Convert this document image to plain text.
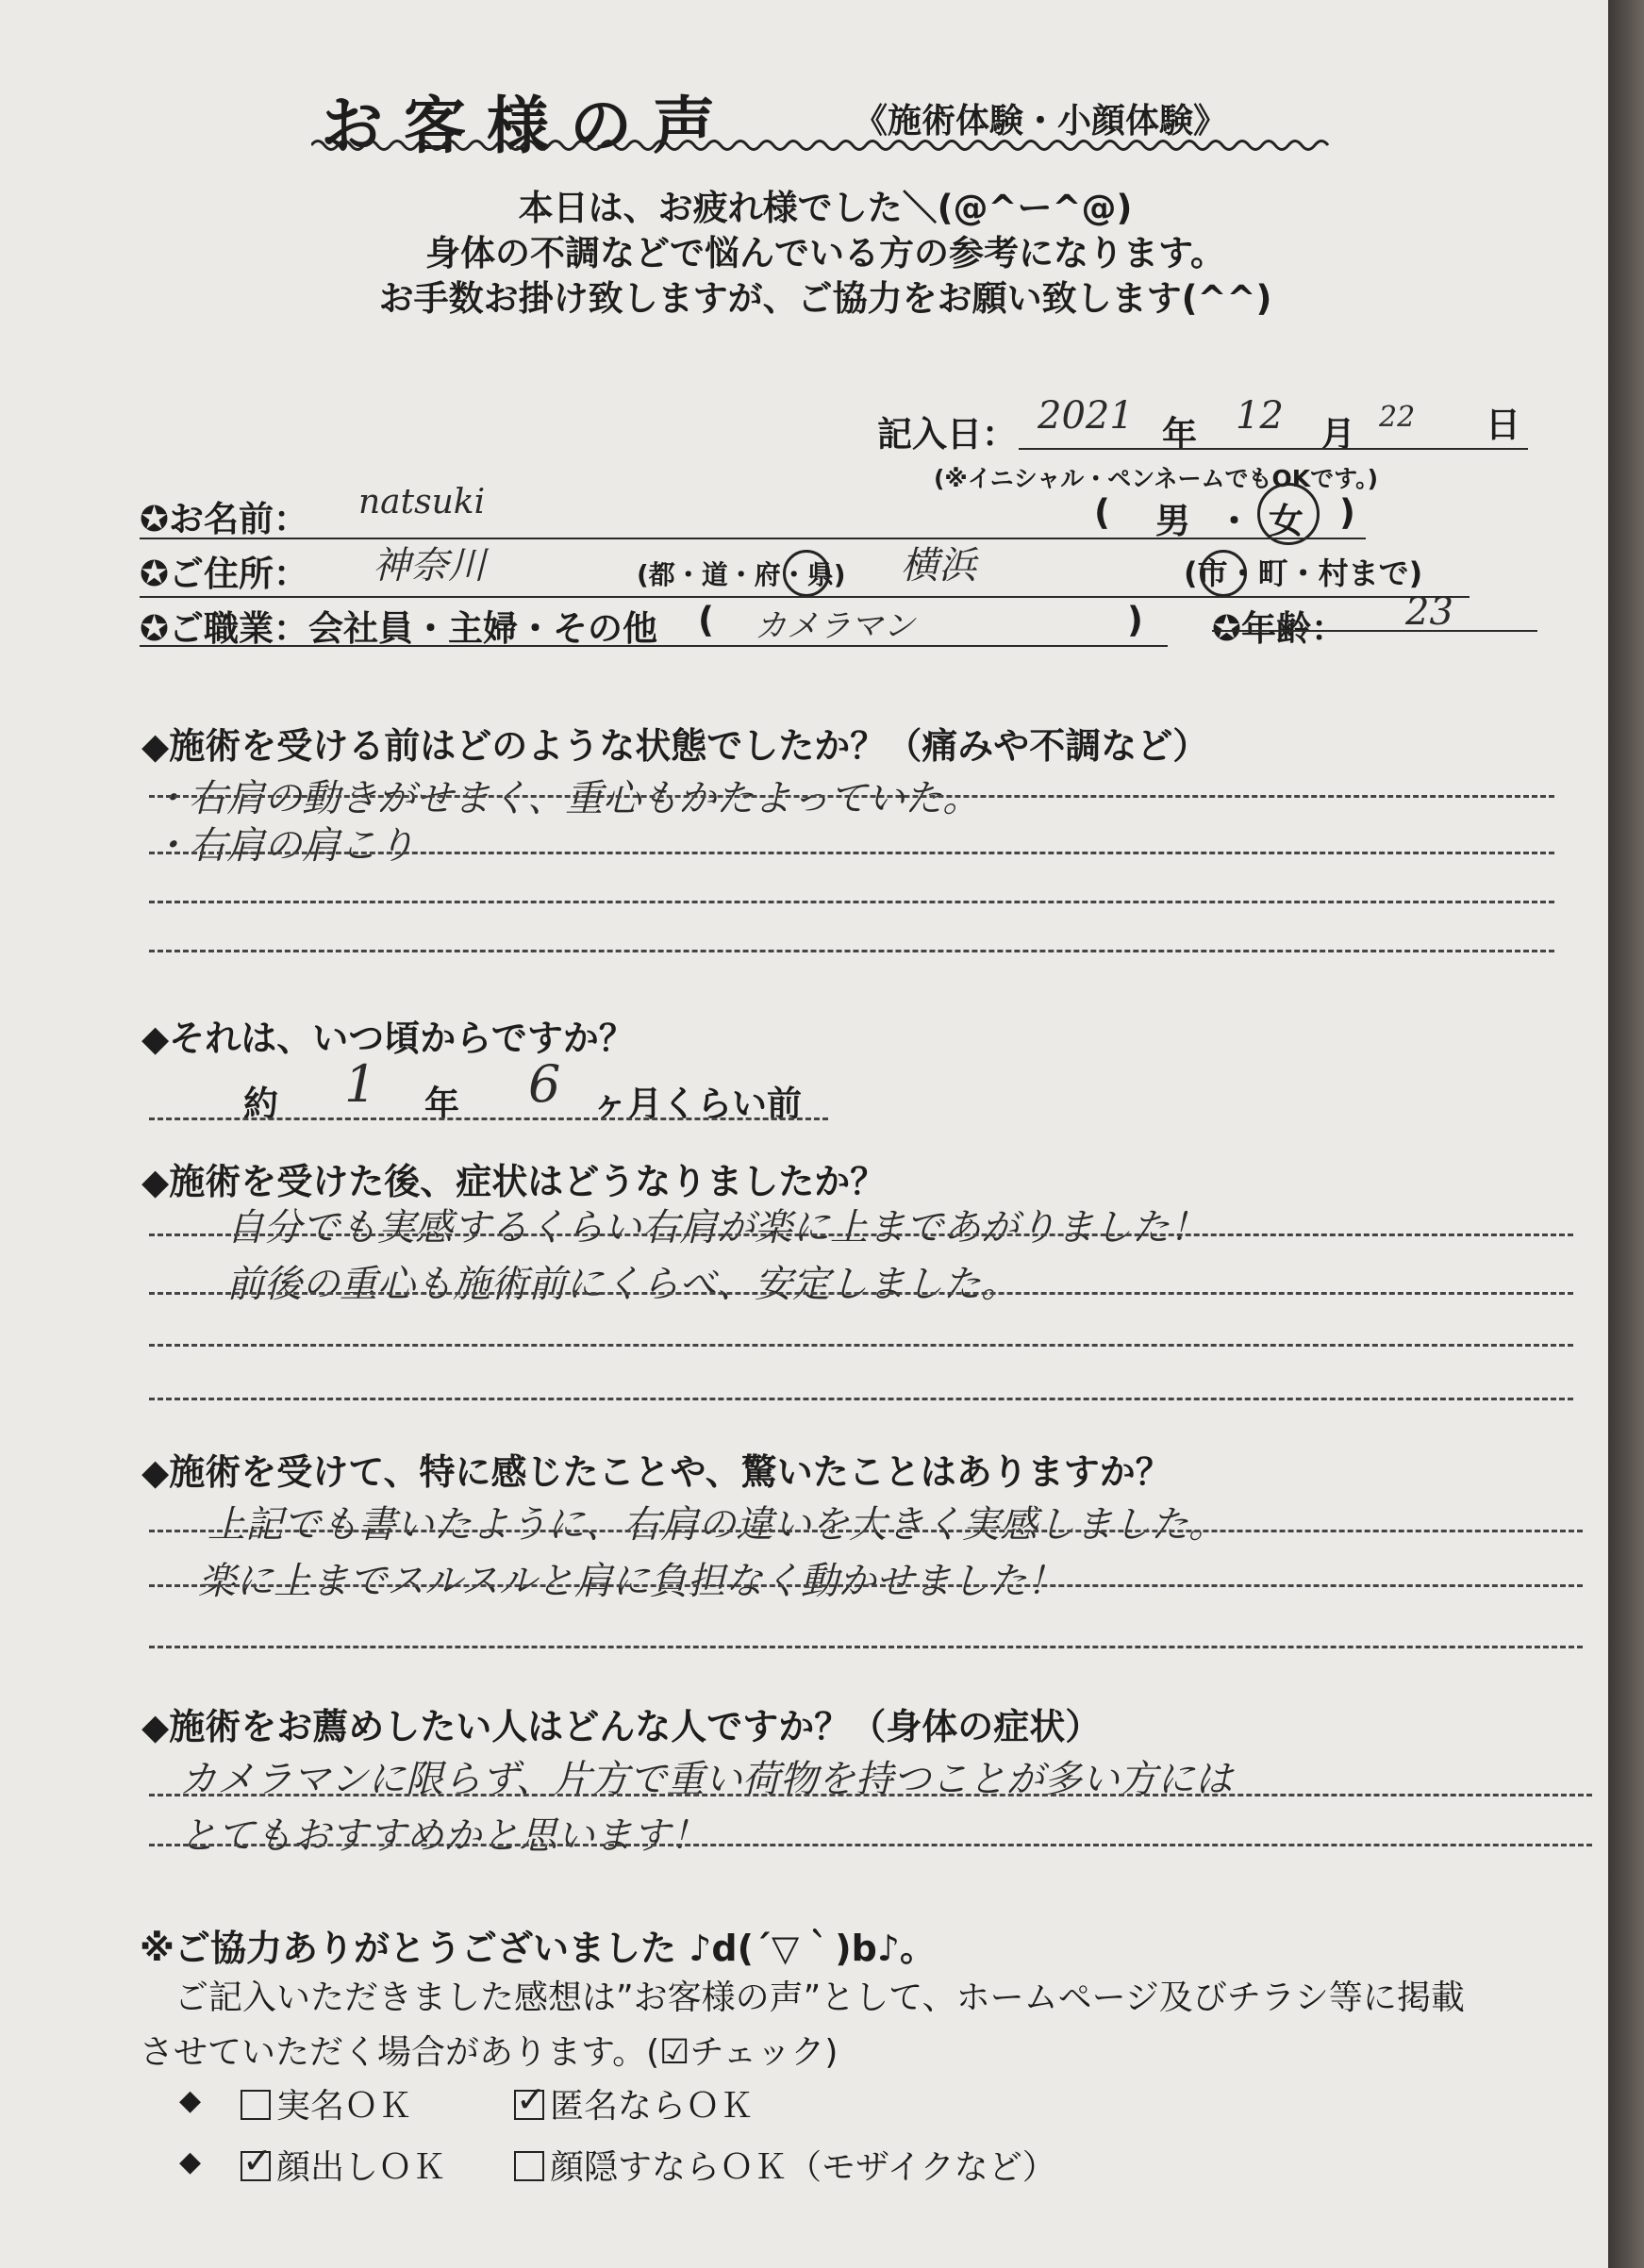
お客様の声	《施術体験・小顔体験》
本日は、お疲れ様でした＼(@^ー^@)
身体の不調などで悩んでいる方の参考になります。
お手数お掛け致しますが、ご協力をお願い致します(^^)
記入日： 2021 年 12 月 22 日
(※イニシャル・ペンネームでもOKです。)
✪お名前： natsuki	( 男 ・ 女 )
✪ご住所： 神奈川	(都・道・府・県) 横浜	(市・町・村まで)
✪ご職業：会社員・主婦・その他 ( カメラマン	) ✪年齢： 23
◆施術を受ける前はどのような状態でしたか？（痛みや不調など）
・右肩の動きがせまく、重心もかたよっていた。
・右肩の肩こり
◆それは、いつ頃からですか？
約 1 年 6 ヶ月くらい前
◆施術を受けた後、症状はどうなりましたか？
自分でも実感するくらい右肩が楽に上まであがりました！
前後の重心も施術前にくらべ、安定しました。
◆施術を受けて、特に感じたことや、驚いたことはありますか？
上記でも書いたように、右肩の違いを大きく実感しました。
楽に上までスルスルと肩に負担なく動かせました！
◆施術をお薦めしたい人はどんな人ですか？（身体の症状）
カメラマンに限らず、片方で重い荷物を持つことが多い方には
とてもおすすめかと思います！
※ご協力ありがとうございました ♪d(´▽｀)b♪。
ご記入いただきました感想は”お客様の声”として、ホームページ及びチラシ等に掲載
させていただく場合があります。(☑チェック)
◆	実名ＯＫ ✓	匿名ならＯＫ
◆ ✓	顔出しＯＫ	顔隠すならＯＫ（モザイクなど）
